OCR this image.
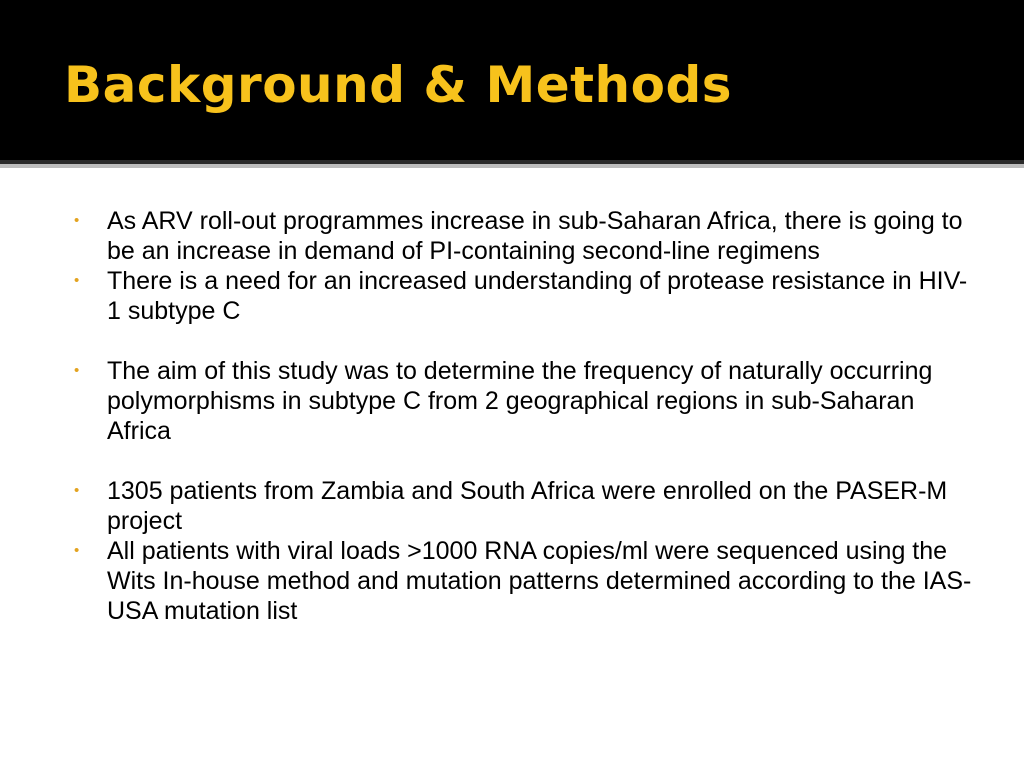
Background & Methods
• As ARV roll-out programmes increase in sub-Saharan Africa, there is going to be an increase in demand of PI-containing second-line regimens
• There is a need for an increased understanding of protease resistance in HIV-1 subtype C
• The aim of this study was to determine the frequency of naturally occurring polymorphisms in subtype C from 2 geographical regions in sub-Saharan Africa
• 1305 patients from Zambia and South Africa were enrolled on the PASER-M project
• All patients with viral loads >1000 RNA copies/ml were sequenced using the Wits In-house method and mutation patterns determined according to the IAS-USA mutation list
